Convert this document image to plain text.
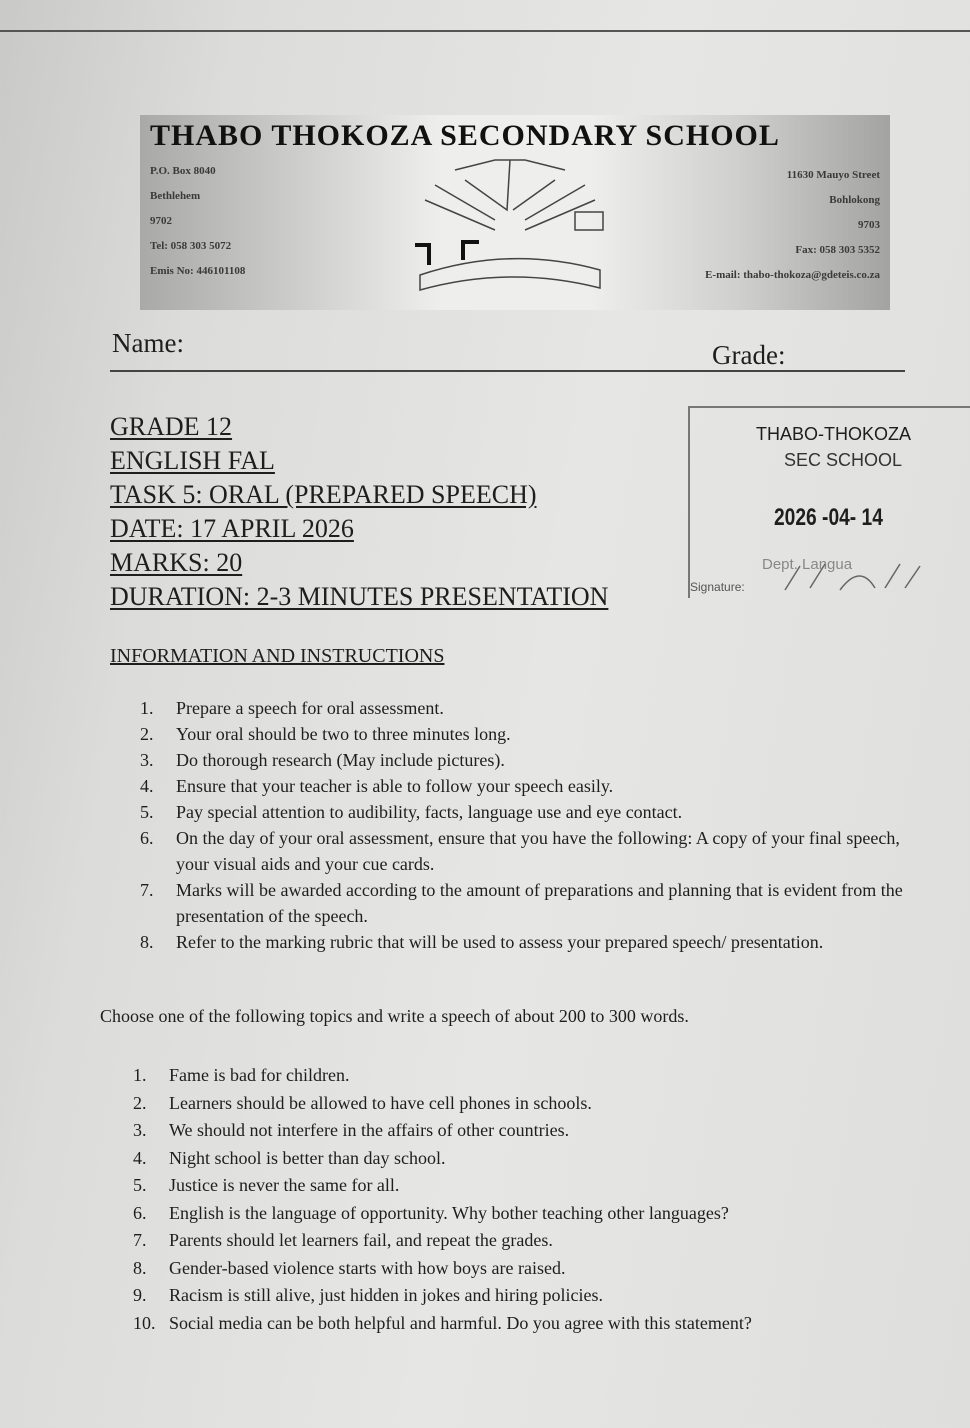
THABO THOKOZA SECONDARY SCHOOL
P.O. Box 8040
Bethlehem
9702
Tel: 058 303 5072
Emis No: 446101108
11630 Mauyo Street
Bohlokong
9703
Fax: 058 303 5352
E-mail: thabo-thokoza@gdeteis.co.za
Name:	Grade:
GRADE 12
ENGLISH FAL
TASK 5: ORAL (PREPARED SPEECH)
DATE: 17 APRIL 2026
MARKS: 20
DURATION: 2-3 MINUTES PRESENTATION
THABO-THOKOZA
SEC SCHOOL
2026 -04- 14
Dept. Langua
Signature:
INFORMATION AND INSTRUCTIONS
1. Prepare a speech for oral assessment.
2. Your oral should be two to three minutes long.
3. Do thorough research (May include pictures).
4. Ensure that your teacher is able to follow your speech easily.
5. Pay special attention to audibility, facts, language use and eye contact.
6. On the day of your oral assessment, ensure that you have the following: A copy of your final speech, your visual aids and your cue cards.
7. Marks will be awarded according to the amount of preparations and planning that is evident from the presentation of the speech.
8. Refer to the marking rubric that will be used to assess your prepared speech/ presentation.
Choose one of the following topics and write a speech of about 200 to 300 words.
1. Fame is bad for children.
2. Learners should be allowed to have cell phones in schools.
3. We should not interfere in the affairs of other countries.
4. Night school is better than day school.
5. Justice is never the same for all.
6. English is the language of opportunity. Why bother teaching other languages?
7. Parents should let learners fail, and repeat the grades.
8. Gender-based violence starts with how boys are raised.
9. Racism is still alive, just hidden in jokes and hiring policies.
10. Social media can be both helpful and harmful. Do you agree with this statement?
